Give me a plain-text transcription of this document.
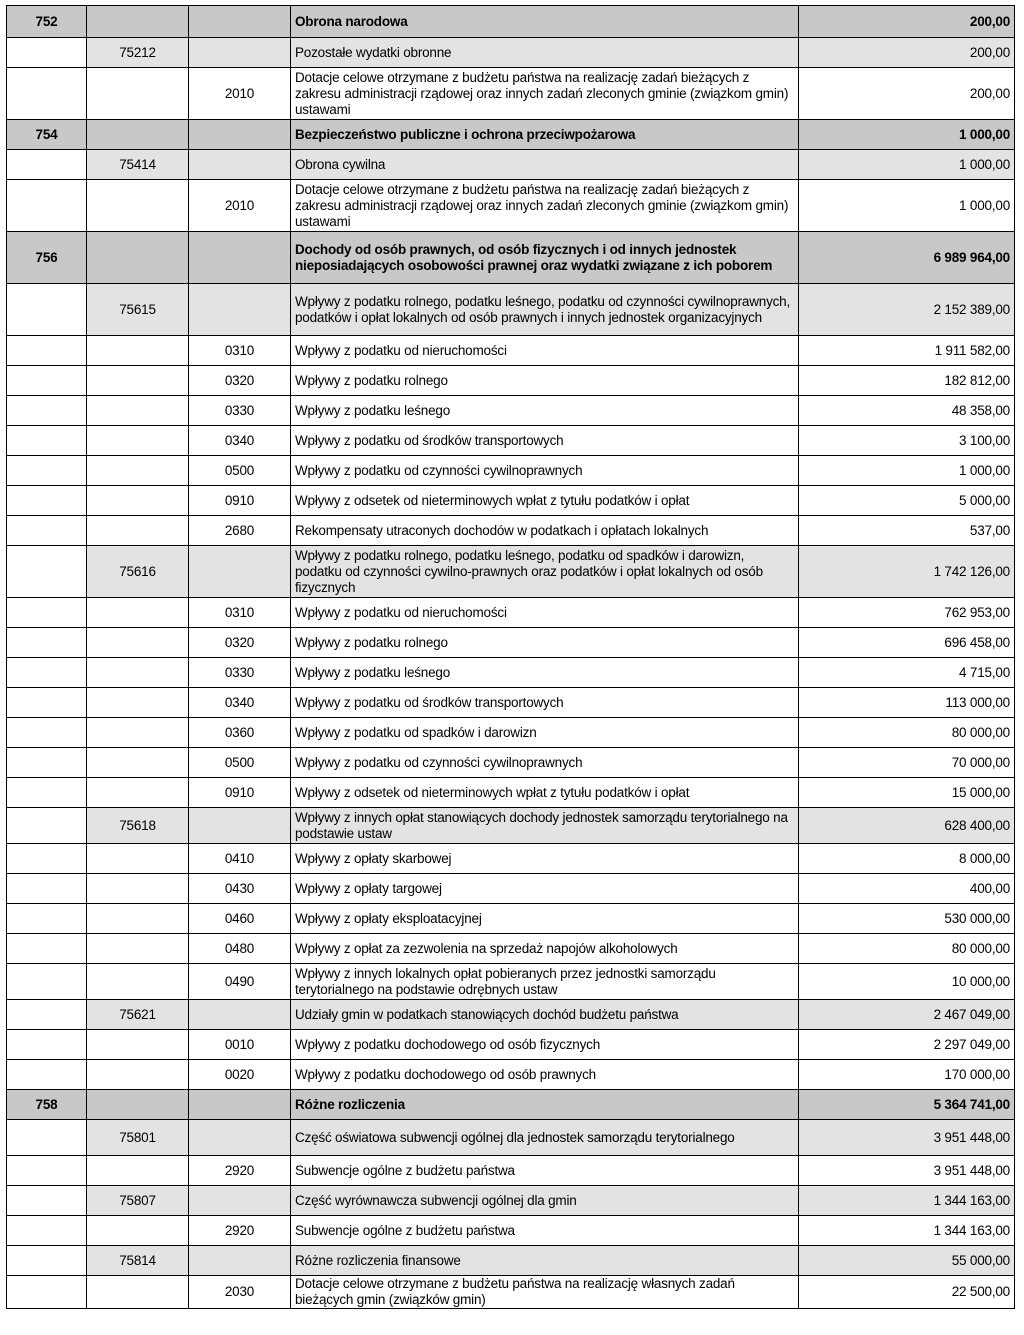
752			Obrona narodowa	200,00
	75212		Pozostałe wydatki obronne	200,00
		2010	Dotacje celowe otrzymane z budżetu państwa na realizację zadań bieżących z zakresu administracji rządowej oraz innych zadań zleconych gminie (związkom gmin) ustawami	200,00
754			Bezpieczeństwo publiczne i ochrona przeciwpożarowa	1 000,00
	75414		Obrona cywilna	1 000,00
		2010	Dotacje celowe otrzymane z budżetu państwa na realizację zadań bieżących z zakresu administracji rządowej oraz innych zadań zleconych gminie (związkom gmin) ustawami	1 000,00
756			Dochody od osób prawnych, od osób fizycznych i od innych jednostek nieposiadających osobowości prawnej oraz wydatki związane z ich poborem	6 989 964,00
	75615		Wpływy z podatku rolnego, podatku leśnego, podatku od czynności cywilnoprawnych, podatków i opłat lokalnych od osób prawnych i innych jednostek organizacyjnych	2 152 389,00
		0310	Wpływy z podatku od nieruchomości	1 911 582,00
		0320	Wpływy z podatku rolnego	182 812,00
		0330	Wpływy z podatku leśnego	48 358,00
		0340	Wpływy z podatku od środków transportowych	3 100,00
		0500	Wpływy z podatku od czynności cywilnoprawnych	1 000,00
		0910	Wpływy z odsetek od nieterminowych wpłat z tytułu podatków i opłat	5 000,00
		2680	Rekompensaty utraconych dochodów w podatkach i opłatach lokalnych	537,00
	75616		Wpływy z podatku rolnego, podatku leśnego, podatku od spadków i darowizn, podatku od czynności cywilno-prawnych oraz podatków i opłat lokalnych od osób fizycznych	1 742 126,00
		0310	Wpływy z podatku od nieruchomości	762 953,00
		0320	Wpływy z podatku rolnego	696 458,00
		0330	Wpływy z podatku leśnego	4 715,00
		0340	Wpływy z podatku od środków transportowych	113 000,00
		0360	Wpływy z podatku od spadków i darowizn	80 000,00
		0500	Wpływy z podatku od czynności cywilnoprawnych	70 000,00
		0910	Wpływy z odsetek od nieterminowych wpłat z tytułu podatków i opłat	15 000,00
	75618		Wpływy z innych opłat stanowiących dochody jednostek samorządu terytorialnego na podstawie ustaw	628 400,00
		0410	Wpływy z opłaty skarbowej	8 000,00
		0430	Wpływy z opłaty targowej	400,00
		0460	Wpływy z opłaty eksploatacyjnej	530 000,00
		0480	Wpływy z opłat za zezwolenia na sprzedaż napojów alkoholowych	80 000,00
		0490	Wpływy z innych lokalnych opłat pobieranych przez jednostki samorządu terytorialnego na podstawie odrębnych ustaw	10 000,00
	75621		Udziały gmin w podatkach stanowiących dochód budżetu państwa	2 467 049,00
		0010	Wpływy z podatku dochodowego od osób fizycznych	2 297 049,00
		0020	Wpływy z podatku dochodowego od osób prawnych	170 000,00
758			Różne rozliczenia	5 364 741,00
	75801		Część oświatowa subwencji ogólnej dla jednostek samorządu terytorialnego	3 951 448,00
		2920	Subwencje ogólne z budżetu państwa	3 951 448,00
	75807		Część wyrównawcza subwencji ogólnej dla gmin	1 344 163,00
		2920	Subwencje ogólne z budżetu państwa	1 344 163,00
	75814		Różne rozliczenia finansowe	55 000,00
		2030	Dotacje celowe otrzymane z budżetu państwa na realizację własnych zadań bieżących gmin (związków gmin)	22 500,00
